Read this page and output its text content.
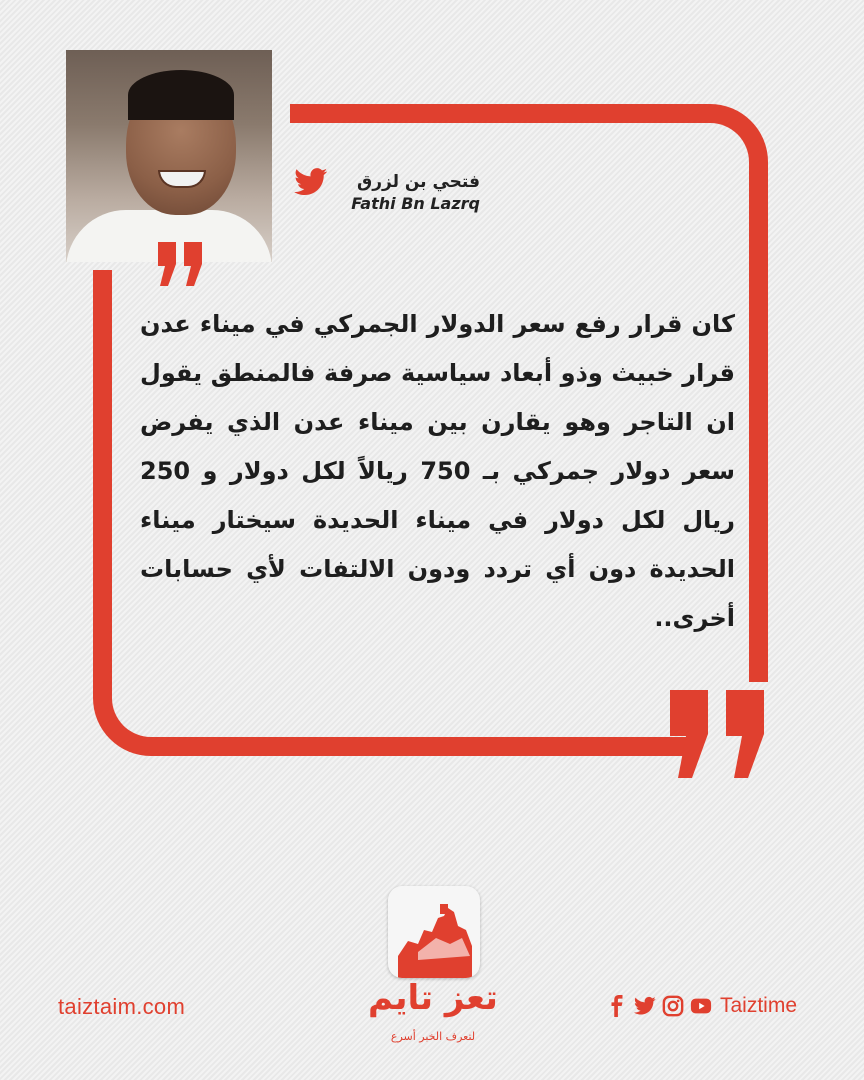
فتحي بن لزرق
Fathi Bn Lazrq
كان قرار رفع سعر الدولار الجمركي في ميناء عدن قرار خبيث وذو أبعاد سياسية صرفة فالمنطق يقول ان التاجر وهو يقارن بين ميناء عدن الذي يفرض سعر دولار جمركي بـ 750 ريالاً لكل دولار و 250 ريال لكل دولار في ميناء الحديدة سيختار ميناء الحديدة دون أي تردد ودون الالتفات لأي حسابات أخرى..
تعز تايم
لتعرف الخبر أسرع
taiztaim.com	Taiztime
